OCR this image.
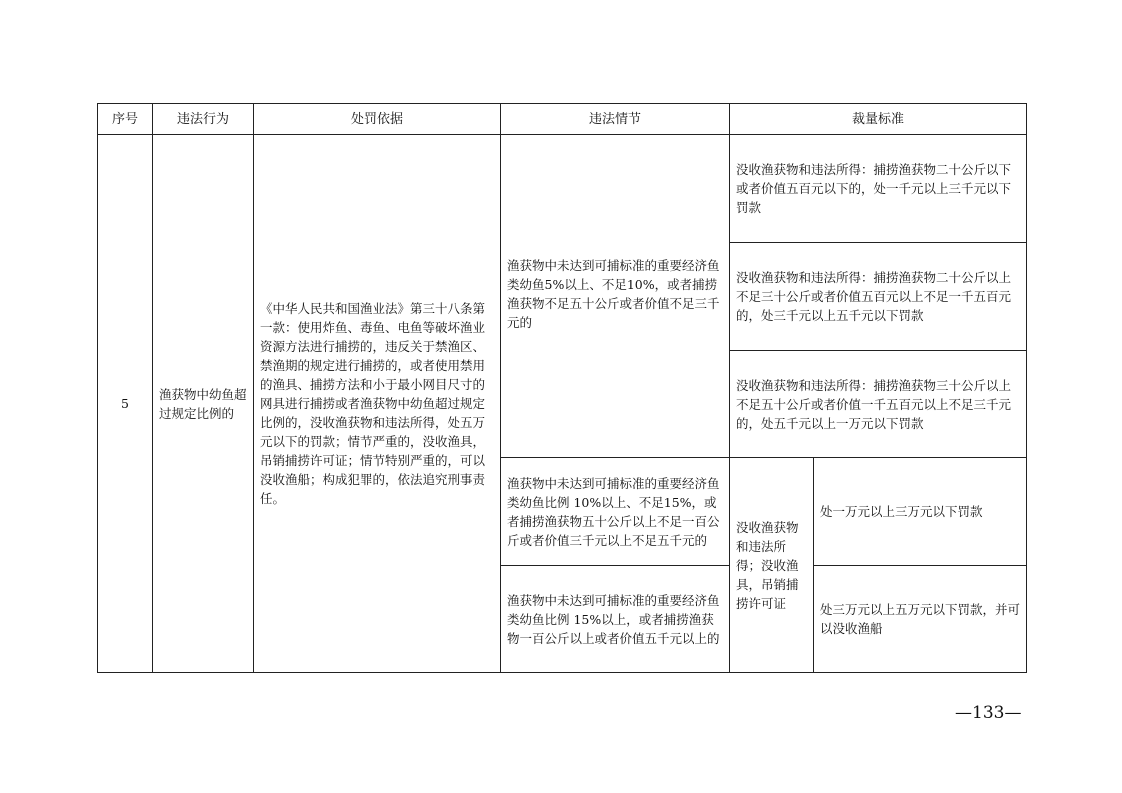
序号	违法行为	处罚依据	违法情节	裁量标准	
5	渔获物中幼鱼超过规定比例的	《中华人民共和国渔业法》第三十八条第一款：使用炸鱼、毒鱼、电鱼等破坏渔业资源方法进行捕捞的，违反关于禁渔区、禁渔期的规定进行捕捞的，或者使用禁用的渔具、捕捞方法和小于最小网目尺寸的网具进行捕捞或者渔获物中幼鱼超过规定比例的，没收渔获物和违法所得，处五万元以下的罚款；情节严重的，没收渔具，吊销捕捞许可证；情节特别严重的，可以没收渔船；构成犯罪的，依法追究刑事责任。	渔获物中未达到可捕标准的重要经济鱼类幼鱼5%以上、不足10%，或者捕捞渔获物不足五十公斤或者价值不足三千元的	没收渔获物和违法所得：捕捞渔获物二十公斤以下或者价值五百元以下的，处一千元以上三千元以下罚款	
				没收渔获物和违法所得：捕捞渔获物二十公斤以上不足三十公斤或者价值五百元以上不足一千五百元的，处三千元以上五千元以下罚款	
				没收渔获物和违法所得：捕捞渔获物三十公斤以上不足五十公斤或者价值一千五百元以上不足三千元的，处五千元以上一万元以下罚款	
			渔获物中未达到可捕标准的重要经济鱼类幼鱼比例 10%以上、不足15%，或者捕捞渔获物五十公斤以上不足一百公斤或者价值三千元以上不足五千元的	没收渔获物和违法所得；没收渔具，吊销捕捞许可证	处一万元以上三万元以下罚款
			渔获物中未达到可捕标准的重要经济鱼类幼鱼比例 15%以上，或者捕捞渔获物一百公斤以上或者价值五千元以上的		处三万元以上五万元以下罚款，并可以没收渔船
—133—
